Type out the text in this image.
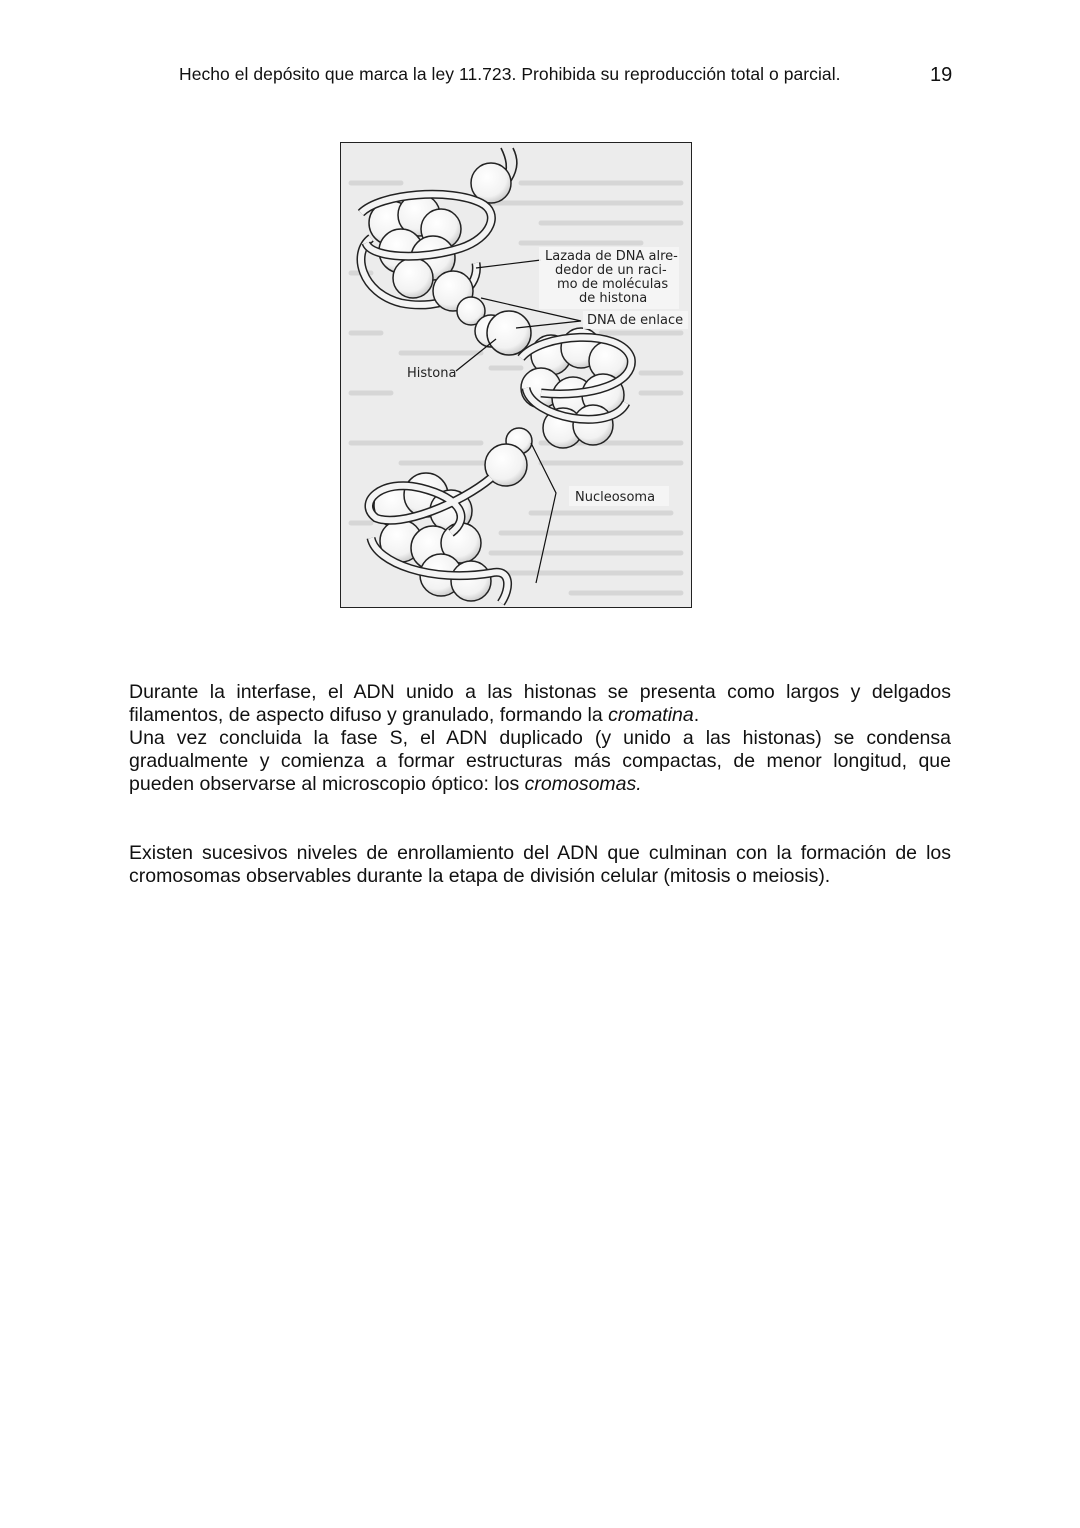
Hecho el depósito que marca la ley 11.723. Prohibida su reproducción total o parcial.	19
Lazada de DNA alre-
dedor de un raci-
mo de moléculas
de histona
DNA de enlace
Histona
Nucleosoma
Durante la interfase, el ADN unido a las histonas se presenta como largos y delgados filamentos, de aspecto difuso y granulado, formando la cromatina.
Una vez concluida la fase S, el ADN duplicado (y unido a las histonas) se condensa gradualmente y comienza a formar estructuras más compactas, de menor longitud, que pueden observarse al microscopio óptico: los cromosomas.
Existen sucesivos niveles de enrollamiento del ADN que culminan con la formación de los cromosomas observables durante la etapa de división celular (mitosis o meiosis).
